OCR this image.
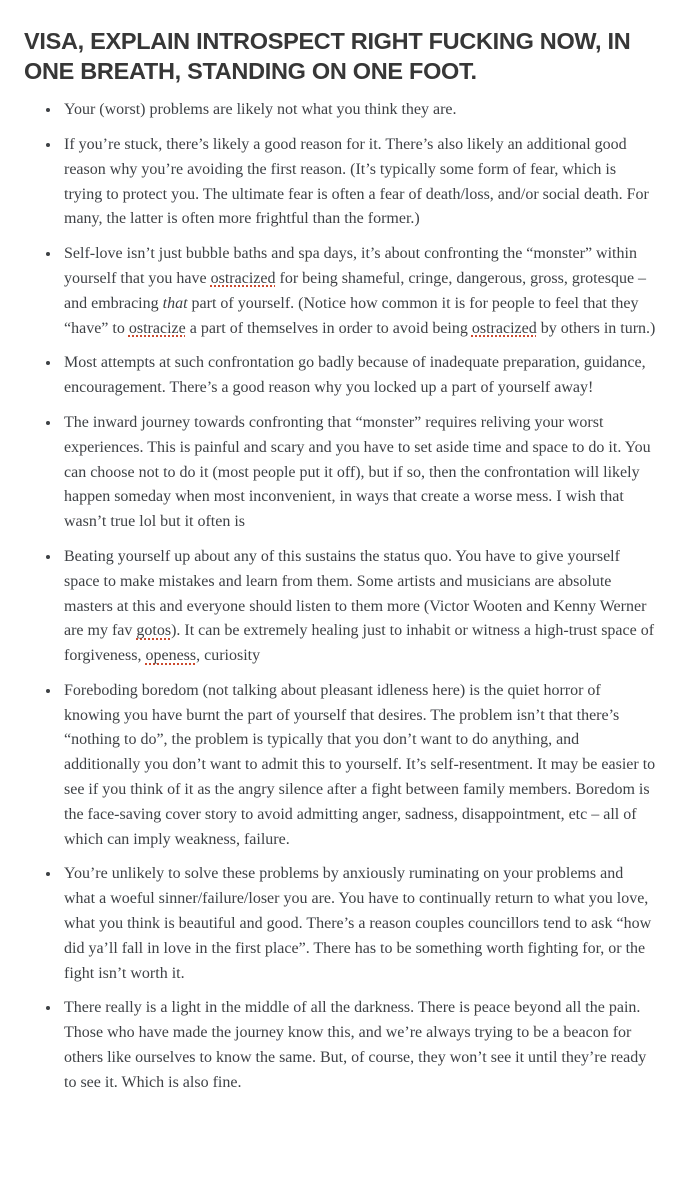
VISA, EXPLAIN INTROSPECT RIGHT FUCKING NOW, IN ONE BREATH, STANDING ON ONE FOOT.
• Your (worst) problems are likely not what you think they are.
• If you’re stuck, there’s likely a good reason for it. There’s also likely an additional good reason why you’re avoiding the first reason. (It’s typically some form of fear, which is trying to protect you. The ultimate fear is often a fear of death/loss, and/or social death. For many, the latter is often more frightful than the former.)
• Self-love isn’t just bubble baths and spa days, it’s about confronting the “monster” within yourself that you have ostracized for being shameful, cringe, dangerous, gross, grotesque – and embracing that part of yourself. (Notice how common it is for people to feel that they “have” to ostracize a part of themselves in order to avoid being ostracized by others in turn.)
• Most attempts at such confrontation go badly because of inadequate preparation, guidance, encouragement. There’s a good reason why you locked up a part of yourself away!
• The inward journey towards confronting that “monster” requires reliving your worst experiences. This is painful and scary and you have to set aside time and space to do it. You can choose not to do it (most people put it off), but if so, then the confrontation will likely happen someday when most inconvenient, in ways that create a worse mess. I wish that wasn’t true lol but it often is
• Beating yourself up about any of this sustains the status quo. You have to give yourself space to make mistakes and learn from them. Some artists and musicians are absolute masters at this and everyone should listen to them more (Victor Wooten and Kenny Werner are my fav gotos). It can be extremely healing just to inhabit or witness a high-trust space of forgiveness, openess, curiosity
• Foreboding boredom (not talking about pleasant idleness here) is the quiet horror of knowing you have burnt the part of yourself that desires. The problem isn’t that there’s “nothing to do”, the problem is typically that you don’t want to do anything, and additionally you don’t want to admit this to yourself. It’s self-resentment. It may be easier to see if you think of it as the angry silence after a fight between family members. Boredom is the face-saving cover story to avoid admitting anger, sadness, disappointment, etc – all of which can imply weakness, failure.
• You’re unlikely to solve these problems by anxiously ruminating on your problems and what a woeful sinner/failure/loser you are. You have to continually return to what you love, what you think is beautiful and good. There’s a reason couples councillors tend to ask “how did ya’ll fall in love in the first place”. There has to be something worth fighting for, or the fight isn’t worth it.
• There really is a light in the middle of all the darkness. There is peace beyond all the pain. Those who have made the journey know this, and we’re always trying to be a beacon for others like ourselves to know the same. But, of course, they won’t see it until they’re ready to see it. Which is also fine.
